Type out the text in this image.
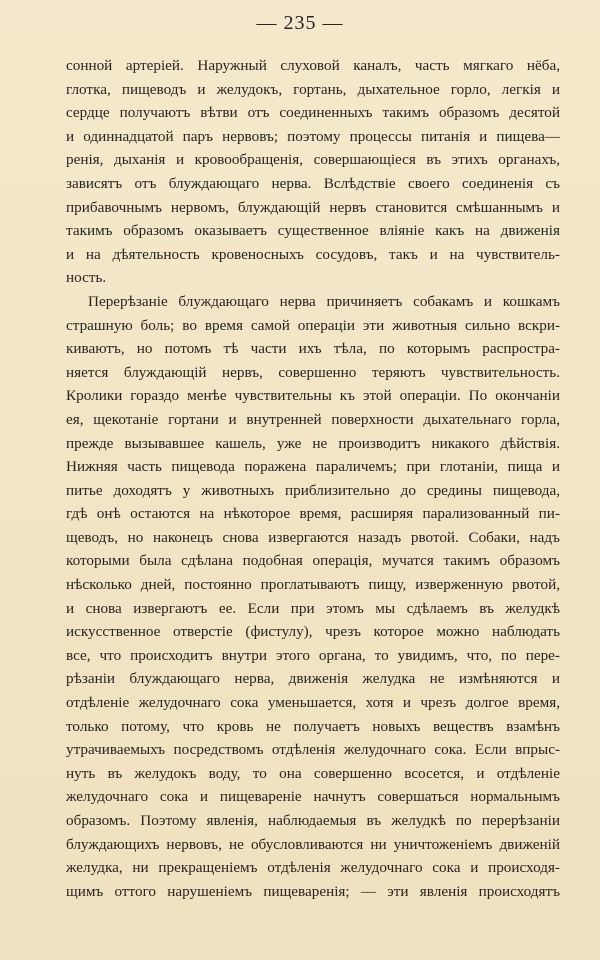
— 235 —
сонной артеріей. Наружный слуховой каналъ, часть мягкаго нёба,
глотка, пищеводъ и желудокъ, гортань, дыхательное горло, легкія и
сердце получаютъ вѣтви отъ соединенныхъ такимъ образомъ десятой
и одиннадцатой паръ нервовъ; поэтому процессы питанія и пищева—
ренія, дыханія и кровообращенія, совершающіеся въ этихъ органахъ,
зависятъ отъ блуждающаго нерва. Вслѣдствіе своего соединенія съ
прибавочнымъ нервомъ, блуждающій нервъ становится смѣшаннымъ и
такимъ образомъ оказываетъ существенное вліяніе какъ на движенія
и на дѣятельность кровеносныхъ сосудовъ, такъ и на чувствитель-
ность.
Перерѣзаніе блуждающаго нерва причиняетъ собакамъ и кошкамъ
страшную боль; во время самой операціи эти животныя сильно вскри-
киваютъ, но потомъ тѣ части ихъ тѣла, по которымъ распростра-
няется блуждающій нервъ, совершенно теряютъ чувствительность.
Кролики гораздо менѣе чувствительны къ этой операціи. По окончаніи
ея, щекотаніе гортани и внутренней поверхности дыхательнаго горла,
прежде вызывавшее кашель, уже не производитъ никакого дѣйствія.
Нижняя часть пищевода поражена параличемъ; при глотаніи, пища и
питье доходятъ у животныхъ приблизительно до средины пищевода,
гдѣ онѣ остаются на нѣкоторое время, расширяя парализованный пи-
щеводъ, но наконецъ снова извергаются назадъ рвотой. Собаки, надъ
которыми была сдѣлана подобная операція, мучатся такимъ образомъ
нѣсколько дней, постоянно проглатываютъ пищу, изверженную рвотой,
и снова извергаютъ ее. Если при этомъ мы сдѣлаемъ въ желудкѣ
искусственное отверстіе (фистулу), чрезъ которое можно наблюдать
все, что происходитъ внутри этого органа, то увидимъ, что, по пере-
рѣзаніи блуждающаго нерва, движенія желудка не измѣняются и
отдѣленіе желудочнаго сока уменьшается, хотя и чрезъ долгое время,
только потому, что кровь не получаетъ новыхъ веществъ взамѣнъ
утрачиваемыхъ посредствомъ отдѣленія желудочнаго сока. Если впрыс-
нуть въ желудокъ воду, то она совершенно всосется, и отдѣленіе
желудочнаго сока и пищевареніе начнутъ совершаться нормальнымъ
образомъ. Поэтому явленія, наблюдаемыя въ желудкѣ по перерѣзаніи
блуждающихъ нервовъ, не обусловливаются ни уничтоженіемъ движеній
желудка, ни прекращеніемъ отдѣленія желудочнаго сока и происходя-
щимъ оттого нарушеніемъ пищеваренія; — эти явленія происходятъ
